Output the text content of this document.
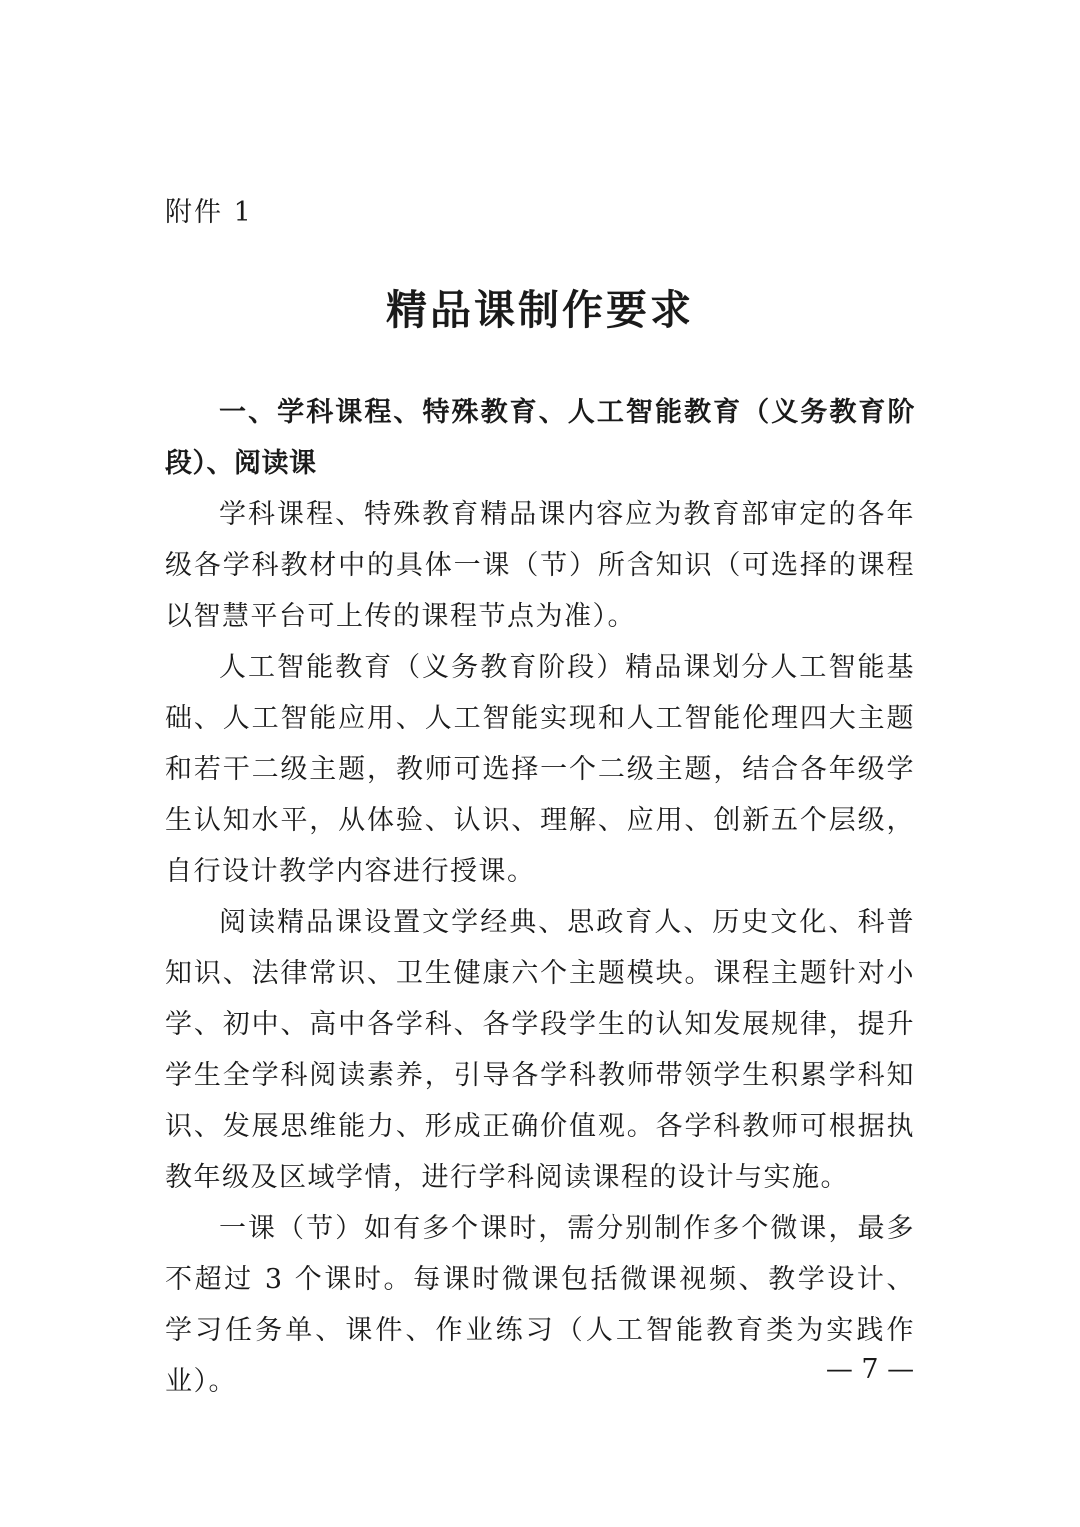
附件 1
精品课制作要求

一、学科课程、特殊教育、人工智能教育（义务教育阶段）、阅读课

学科课程、特殊教育精品课内容应为教育部审定的各年级各学科教材中的具体一课（节）所含知识（可选择的课程以智慧平台可上传的课程节点为准）。

人工智能教育（义务教育阶段）精品课划分人工智能基础、人工智能应用、人工智能实现和人工智能伦理四大主题和若干二级主题，教师可选择一个二级主题，结合各年级学生认知水平，从体验、认识、理解、应用、创新五个层级，自行设计教学内容进行授课。

阅读精品课设置文学经典、思政育人、历史文化、科普知识、法律常识、卫生健康六个主题模块。课程主题针对小学、初中、高中各学科、各学段学生的认知发展规律，提升学生全学科阅读素养，引导各学科教师带领学生积累学科知识、发展思维能力、形成正确价值观。各学科教师可根据执教年级及区域学情，进行学科阅读课程的设计与实施。

一课（节）如有多个课时，需分别制作多个微课，最多不超过 3 个课时。每课时微课包括微课视频、教学设计、学习任务单、课件、作业练习（人工智能教育类为实践作业）。	— 7 —
